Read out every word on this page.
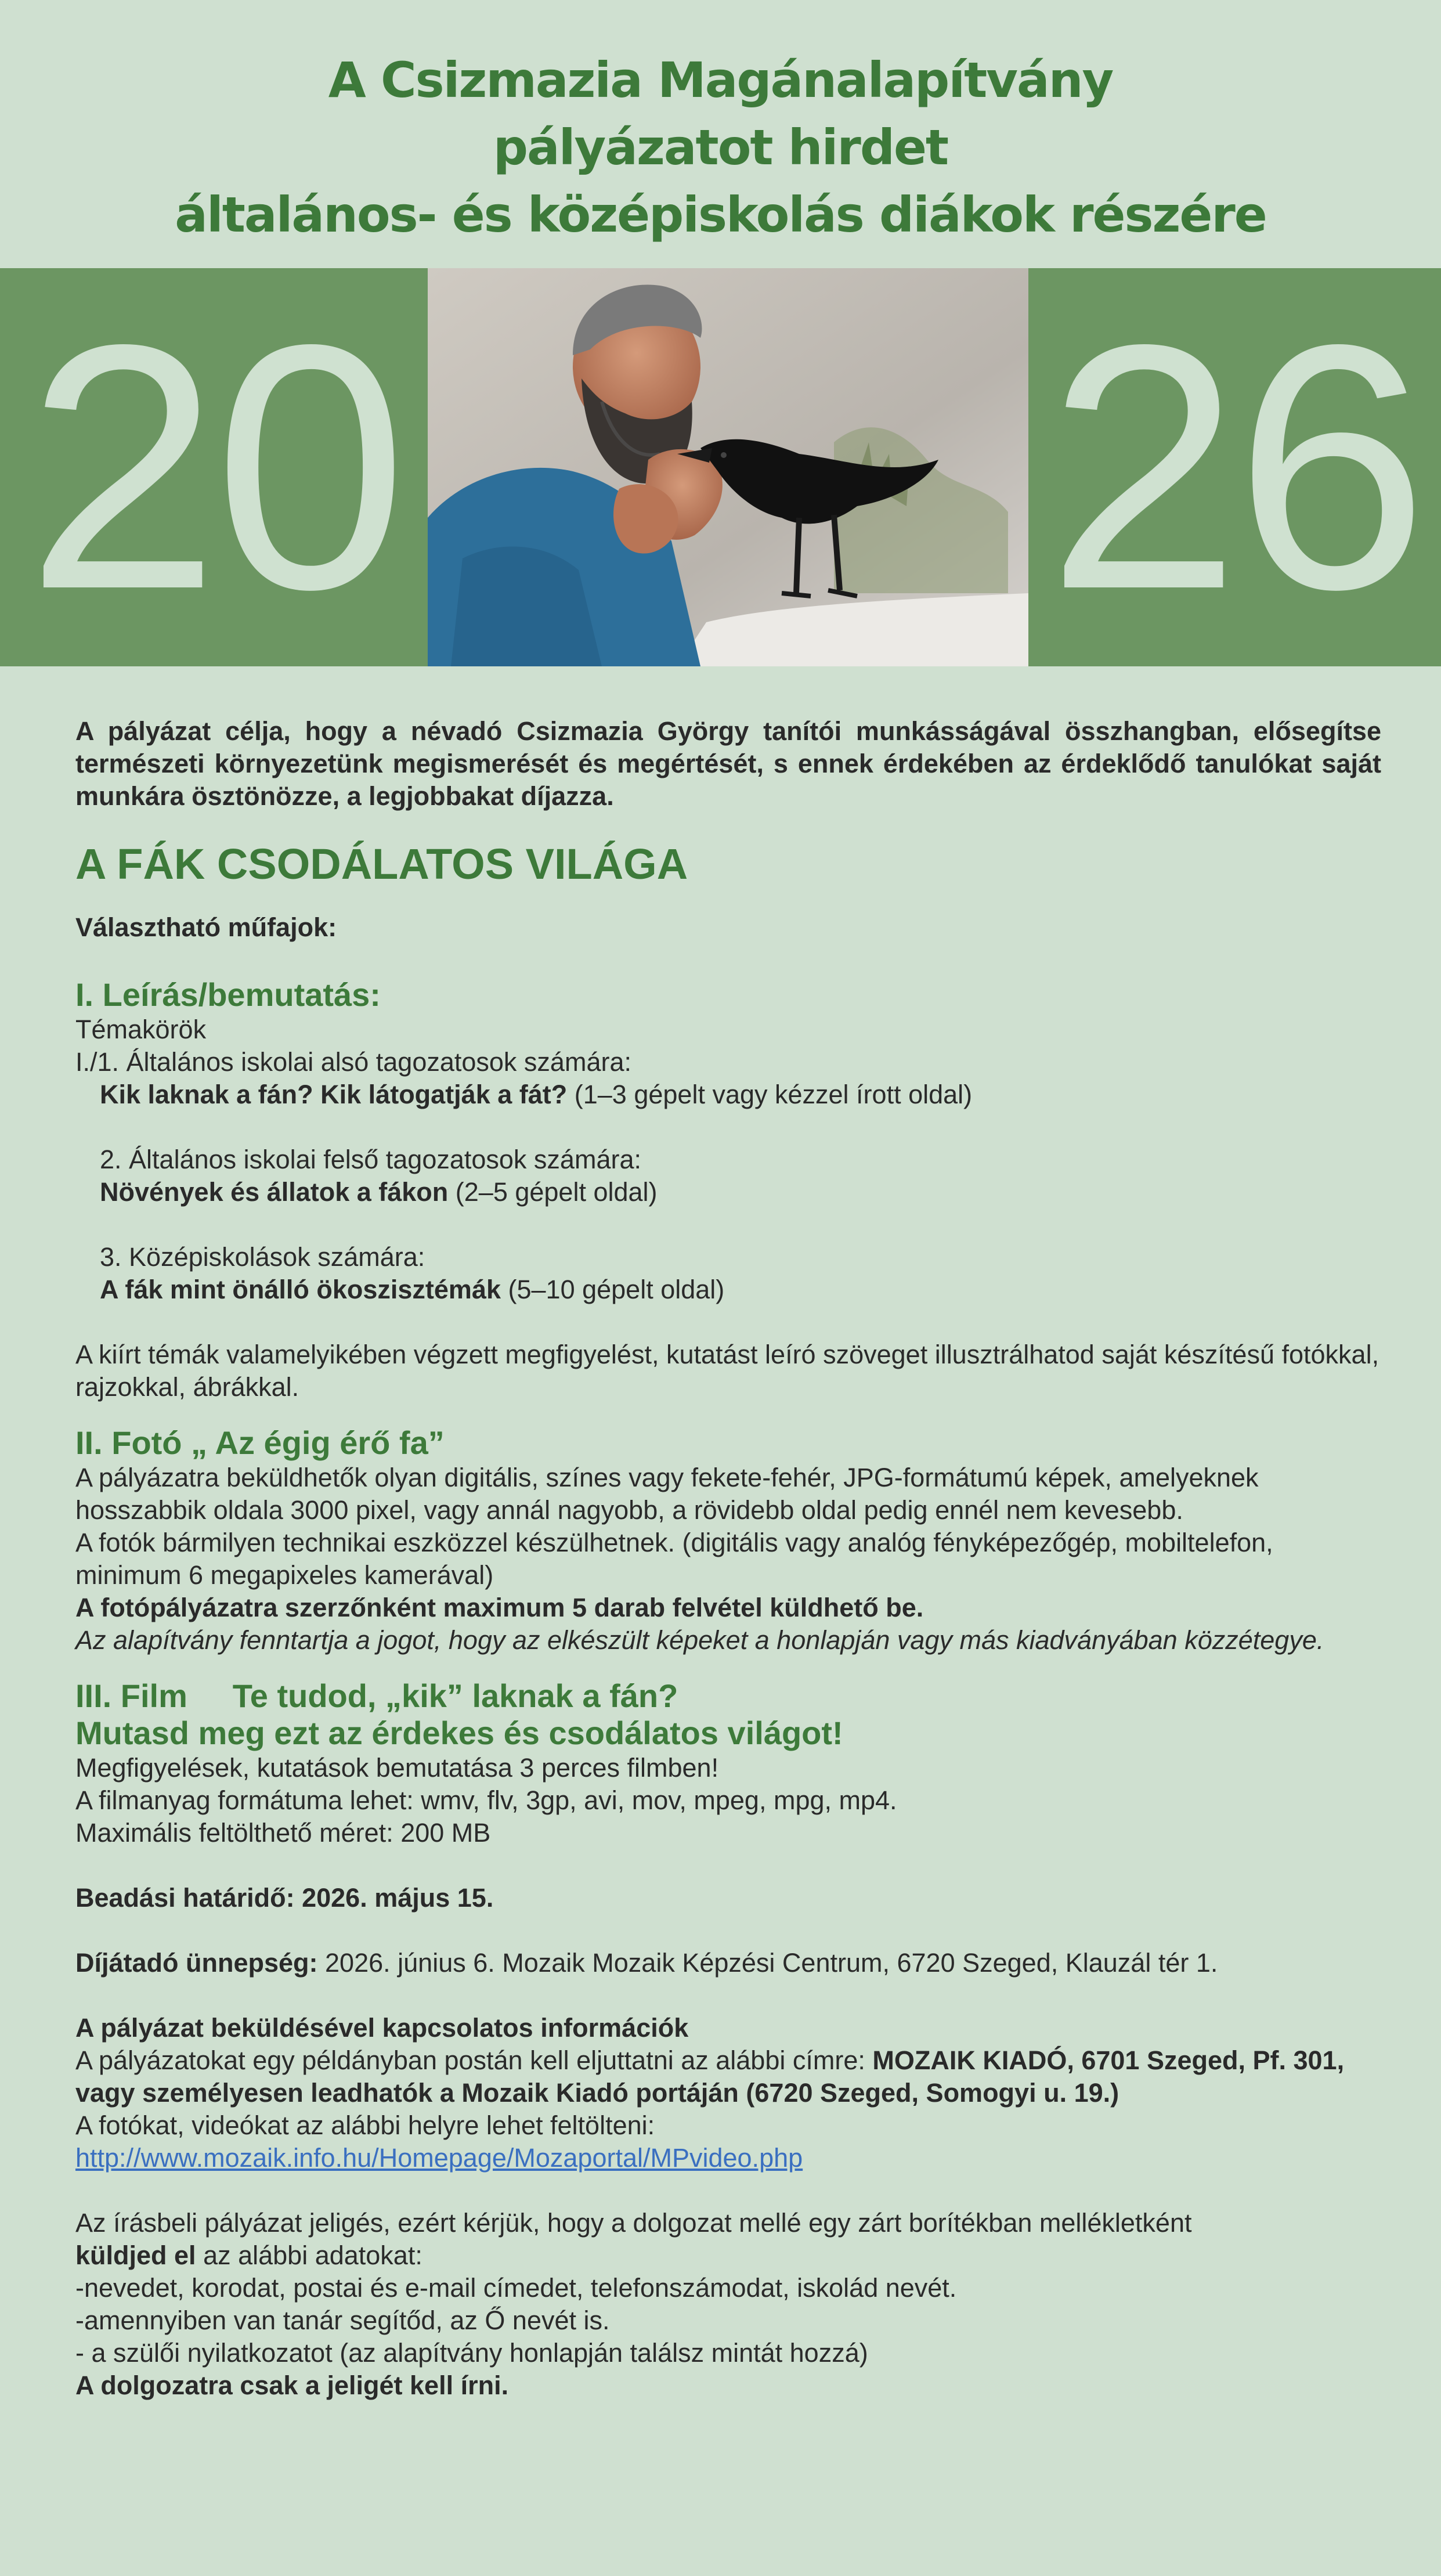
A Csizmazia Magánalapítvány
pályázatot hirdet
általános- és középiskolás diákok részére
20 26

A pályázat célja, hogy a névadó Csizmazia György tanítói munkásságával összhangban, elősegítse természeti környezetünk megismerését és megértését, s ennek érdekében az érdeklődő tanulókat saját munkára ösztönözze, a legjobbakat díjazza.

A FÁK CSODÁLATOS VILÁGA

Választható műfajok:

I. Leírás/bemutatás:

Témakörök

I./1. Általános iskolai alsó tagozatosok számára:

Kik laknak a fán? Kik látogatják a fát? (1–3 gépelt vagy kézzel írott oldal)

2. Általános iskolai felső tagozatosok számára:

Növények és állatok a fákon (2–5 gépelt oldal)

3. Középiskolások számára:

A fák mint önálló ökoszisztémák (5–10 gépelt oldal)

A kiírt témák valamelyikében végzett megfigyelést, kutatást leíró szöveget illusztrálhatod saját készítésű fotókkal, rajzokkal, ábrákkal.

II. Fotó „ Az égig érő fa”

A pályázatra beküldhetők olyan digitális, színes vagy fekete-fehér, JPG-formátumú képek, amelyeknek hosszabbik oldala 3000 pixel, vagy annál nagyobb, a rövidebb oldal pedig ennél nem kevesebb.

A fotók bármilyen technikai eszközzel készülhetnek. (digitális vagy analóg fényképezőgép, mobiltelefon, minimum 6 megapixeles kamerával)

A fotópályázatra szerzőnként maximum 5 darab felvétel küldhető be.

Az alapítvány fenntartja a jogot, hogy az elkészült képeket a honlapján vagy más kiadványában közzétegye.

III. Film     Te tudod, „kik” laknak a fán?

Mutasd meg ezt az érdekes és csodálatos világot!

Megfigyelések, kutatások bemutatása 3 perces filmben!

A filmanyag formátuma lehet: wmv, flv, 3gp, avi, mov, mpeg, mpg, mp4.

Maximális feltölthető méret: 200 MB

Beadási határidő: 2026. május 15.

Díjátadó ünnepség: 2026. június 6. Mozaik Mozaik Képzési Centrum, 6720 Szeged, Klauzál tér 1.

A pályázat beküldésével kapcsolatos információk

A pályázatokat egy példányban postán kell eljuttatni az alábbi címre: MOZAIK KIADÓ, 6701 Szeged, Pf. 301, vagy személyesen leadhatók a Mozaik Kiadó portáján (6720 Szeged, Somogyi u. 19.)

A fotókat, videókat az alábbi helyre lehet feltölteni:

http://www.mozaik.info.hu/Homepage/Mozaportal/MPvideo.php

Az írásbeli pályázat jeligés, ezért kérjük, hogy a dolgozat mellé egy zárt borítékban mellékletként

küldjed el az alábbi adatokat:

-nevedet, korodat, postai és e-mail címedet, telefonszámodat, iskolád nevét.

-amennyiben van tanár segítőd, az Ő nevét is.

- a szülői nyilatkozatot (az alapítvány honlapján találsz mintát hozzá)

A dolgozatra csak a jeligét kell írni.
